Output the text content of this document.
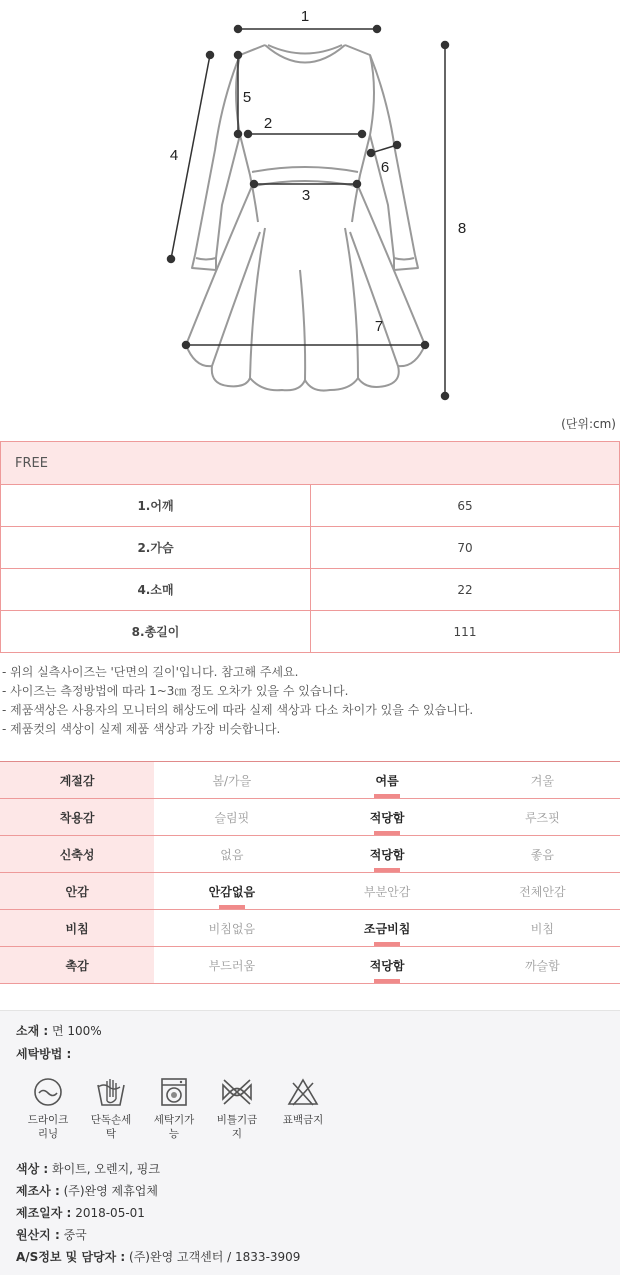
1
2
3
4
5
6
7
8
(단위:cm)
FREE	
1.어깨	65
2.가슴	70
4.소매	22
8.총길이	111
- 위의 실측사이즈는 '단면의 길이'입니다. 참고해 주세요.
- 사이즈는 측정방법에 따라 1~3㎝ 정도 오차가 있을 수 있습니다.
- 제품색상은 사용자의 모니터의 해상도에 따라 실제 색상과 다소 차이가 있을 수 있습니다.
- 제품컷의 색상이 실제 제품 색상과 가장 비슷합니다.
계절감	봄/가을	여름	겨울
착용감	슬림핏	적당함	루즈핏
신축성	없음	적당함	좋음
안감	안감없음	부분안감	전체안감
비침	비침없음	조금비침	비침
촉감	부드러움	적당함	까슬함
소재 : 면 100%
세탁방법 :
드라이크
리닝
단독손세
탁
세탁기가
능
비틀기금
지
표백금지
색상 : 화이트, 오렌지, 핑크
제조사 : (주)완영 제휴업체
제조일자 : 2018-05-01
원산지 : 중국
A/S정보 및 담당자 : (주)완영 고객센터 / 1833-3909
